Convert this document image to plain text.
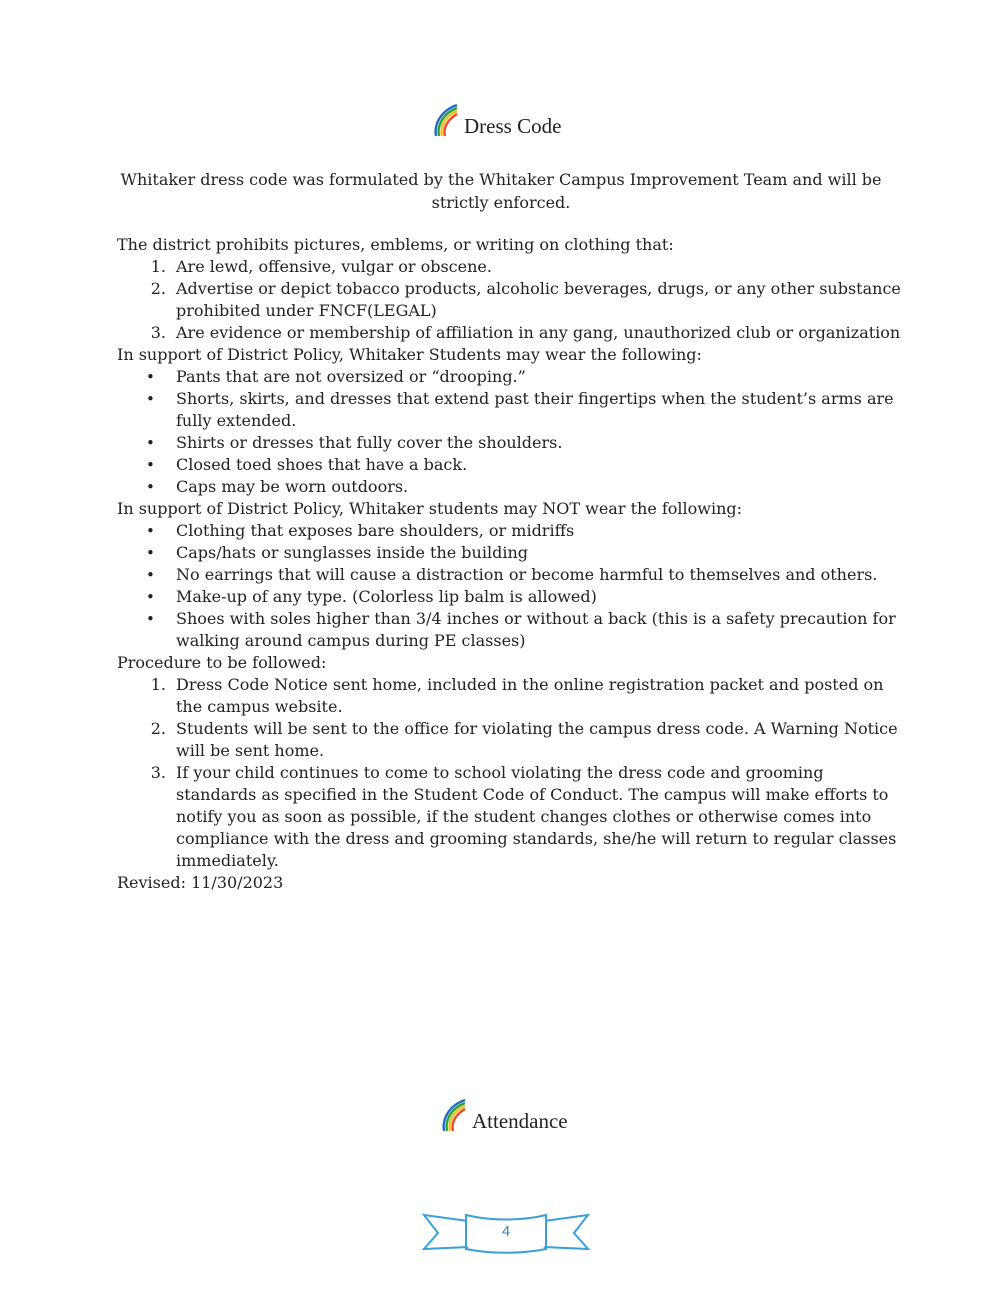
Dress Code
Whitaker dress code was formulated by the Whitaker Campus Improvement Team and will be strictly enforced.

The district prohibits pictures, emblems, or writing on clothing that:

1. Are lewd, offensive, vulgar or obscene.
2. Advertise or depict tobacco products, alcoholic beverages, drugs, or any other substance prohibited under FNCF(LEGAL)
3. Are evidence or membership of affiliation in any gang, unauthorized club or organization

In support of District Policy, Whitaker Students may wear the following:

• Pants that are not oversized or “drooping.”
• Shorts, skirts, and dresses that extend past their fingertips when the student’s arms are fully extended.
• Shirts or dresses that fully cover the shoulders.
• Closed toed shoes that have a back.
• Caps may be worn outdoors.

In support of District Policy, Whitaker students may NOT wear the following:

• Clothing that exposes bare shoulders, or midriffs
• Caps/hats or sunglasses inside the building
• No earrings that will cause a distraction or become harmful to themselves and others.
• Make-up of any type. (Colorless lip balm is allowed)
• Shoes with soles higher than 3/4 inches or without a back (this is a safety precaution for walking around campus during PE classes)

Procedure to be followed:

1. Dress Code Notice sent home, included in the online registration packet and posted on the campus website.
2. Students will be sent to the office for violating the campus dress code. A Warning Notice will be sent home.
3. If your child continues to come to school violating the dress code and grooming standards as specified in the Student Code of Conduct. The campus will make efforts to notify you as soon as possible, if the student changes clothes or otherwise comes into compliance with the dress and grooming standards, she/he will return to regular classes immediately.

Revised: 11/30/2023

Attendance
4
